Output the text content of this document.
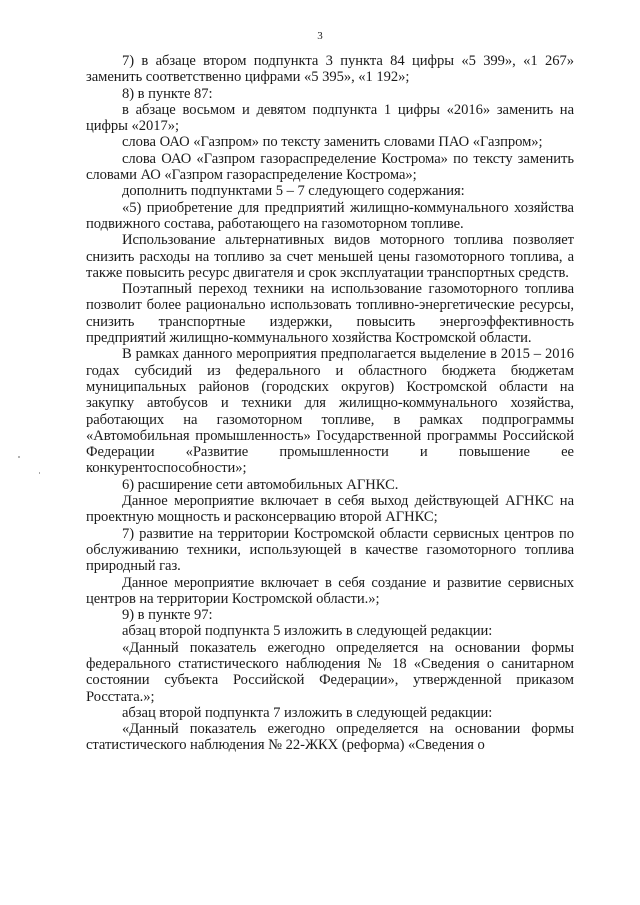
3

7) в абзаце втором подпункта 3 пункта 84 цифры «5 399», «1 267» заменить соответственно цифрами «5 395», «1 192»;

8) в пункте 87:

в абзаце восьмом и девятом подпункта 1 цифры «2016» заменить на цифры «2017»;

слова ОАО «Газпром» по тексту заменить словами ПАО «Газпром»;

слова ОАО «Газпром газораспределение Кострома» по тексту заменить словами АО «Газпром газораспределение Кострома»;

дополнить подпунктами 5 – 7 следующего содержания:

«5) приобретение для предприятий жилищно-коммунального хозяйства подвижного состава, работающего на газомоторном топливе.

Использование альтернативных видов моторного топлива позволяет снизить расходы на топливо за счет меньшей цены газомоторного топлива, а также повысить ресурс двигателя и срок эксплуатации транспортных средств.

Поэтапный переход техники на использование газомоторного топлива позволит более рационально использовать топливно-энергетические ресурсы, снизить транспортные издержки, повысить энергоэффективность предприятий жилищно-коммунального хозяйства Костромской области.

В рамках данного мероприятия предполагается выделение в 2015 – 2016 годах субсидий из федерального и областного бюджета бюджетам муниципальных районов (городских округов) Костромской области на закупку автобусов и техники для жилищно-коммунального хозяйства, работающих на газомоторном топливе, в рамках подпрограммы «Автомобильная промышленность» Государственной программы Российской Федерации «Развитие промышленности и повышение ее конкурентоспособности»;

6) расширение сети автомобильных АГНКС.

Данное мероприятие включает в себя выход действующей АГНКС на проектную мощность и расконсервацию второй АГНКС;

7) развитие на территории Костромской области сервисных центров по обслуживанию техники, использующей в качестве газомоторного топлива природный газ.

Данное мероприятие включает в себя создание и развитие сервисных центров на территории Костромской области.»;

9) в пункте 97:

абзац второй подпункта 5 изложить в следующей редакции:

«Данный показатель ежегодно определяется на основании формы федерального статистического наблюдения № 18 «Сведения о санитарном состоянии субъекта Российской Федерации», утвержденной приказом Росстата.»;

абзац второй подпункта 7 изложить в следующей редакции:

«Данный показатель ежегодно определяется на основании формы статистического наблюдения № 22-ЖКХ (реформа) «Сведения о
